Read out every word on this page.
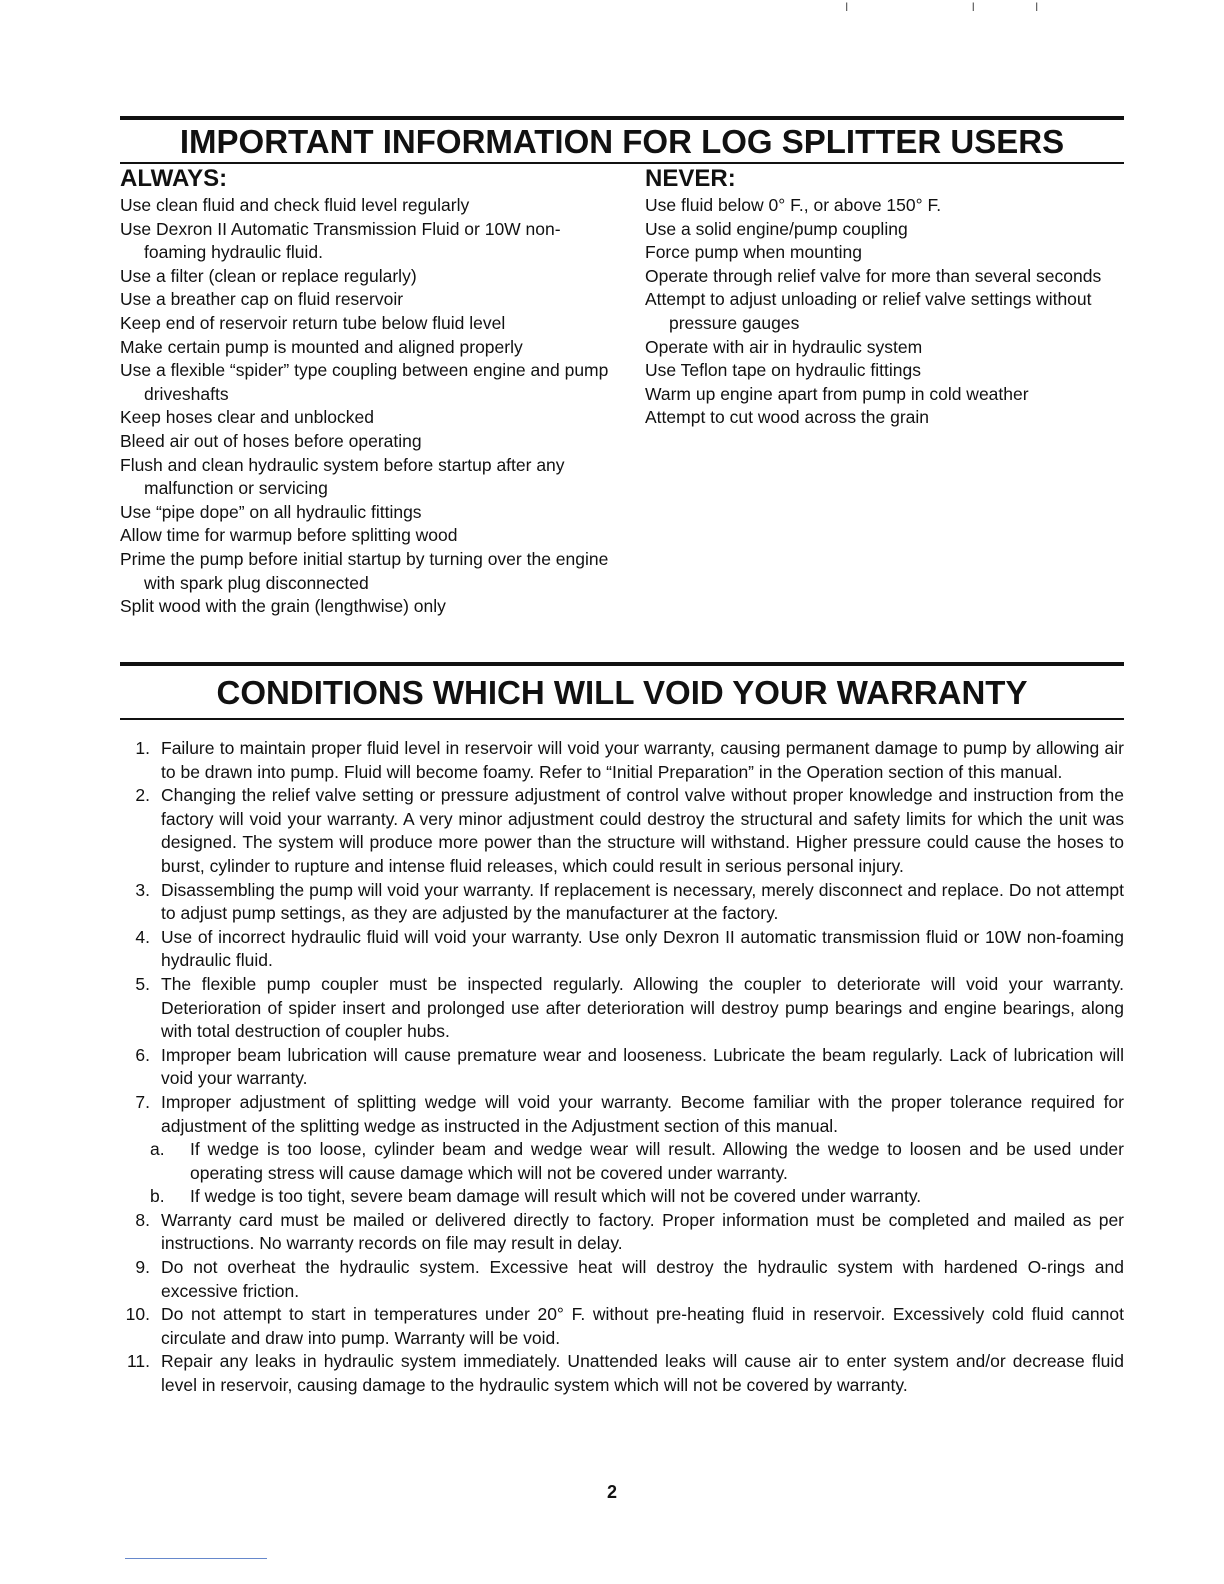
I II
IMPORTANT INFORMATION FOR LOG SPLITTER USERS
ALWAYS:
Use clean fluid and check fluid level regularly
Use Dexron II Automatic Transmission Fluid or 10W non-foaming hydraulic fluid.
Use a filter (clean or replace regularly)
Use a breather cap on fluid reservoir
Keep end of reservoir return tube below fluid level
Make certain pump is mounted and aligned properly
Use a flexible “spider” type coupling between engine and pump driveshafts
Keep hoses clear and unblocked
Bleed air out of hoses before operating
Flush and clean hydraulic system before startup after any malfunction or servicing
Use “pipe dope” on all hydraulic fittings
Allow time for warmup before splitting wood
Prime the pump before initial startup by turning over the engine with spark plug disconnected
Split wood with the grain (lengthwise) only
NEVER:
Use fluid below 0° F., or above 150° F.
Use a solid engine/pump coupling
Force pump when mounting
Operate through relief valve for more than several seconds
Attempt to adjust unloading or relief valve settings without pressure gauges
Operate with air in hydraulic system
Use Teflon tape on hydraulic fittings
Warm up engine apart from pump in cold weather
Attempt to cut wood across the grain
CONDITIONS WHICH WILL VOID YOUR WARRANTY
1. Failure to maintain proper fluid level in reservoir will void your warranty, causing permanent damage to pump by allowing air to be drawn into pump. Fluid will become foamy. Refer to “Initial Preparation” in the Operation section of this manual.
2. Changing the relief valve setting or pressure adjustment of control valve without proper knowledge and instruction from the factory will void your warranty. A very minor adjustment could destroy the structural and safety limits for which the unit was designed. The system will produce more power than the structure will withstand. Higher pressure could cause the hoses to burst, cylinder to rupture and intense fluid releases, which could result in serious personal injury.
3. Disassembling the pump will void your warranty. If replacement is necessary, merely disconnect and replace. Do not attempt to adjust pump settings, as they are adjusted by the manufacturer at the factory.
4. Use of incorrect hydraulic fluid will void your warranty. Use only Dexron II automatic transmission fluid or 10W non-foaming hydraulic fluid.
5. The flexible pump coupler must be inspected regularly. Allowing the coupler to deteriorate will void your warranty. Deterioration of spider insert and prolonged use after deterioration will destroy pump bearings and engine bearings, along with total destruction of coupler hubs.
6. Improper beam lubrication will cause premature wear and looseness. Lubricate the beam regularly. Lack of lubrication will void your warranty.
7. Improper adjustment of splitting wedge will void your warranty. Become familiar with the proper tolerance required for adjustment of the splitting wedge as instructed in the Adjustment section of this manual.
a.	If wedge is too loose, cylinder beam and wedge wear will result. Allowing the wedge to loosen and be used under operating stress will cause damage which will not be covered under warranty.
b.	If wedge is too tight, severe beam damage will result which will not be covered under warranty.
8. Warranty card must be mailed or delivered directly to factory. Proper information must be completed and mailed as per instructions. No warranty records on file may result in delay.
9. Do not overheat the hydraulic system. Excessive heat will destroy the hydraulic system with hardened O-rings and excessive friction.
10. Do not attempt to start in temperatures under 20° F. without pre-heating fluid in reservoir. Excessively cold fluid cannot circulate and draw into pump. Warranty will be void.
11. Repair any leaks in hydraulic system immediately. Unattended leaks will cause air to enter system and/or decrease fluid level in reservoir, causing damage to the hydraulic system which will not be covered by warranty.
2
